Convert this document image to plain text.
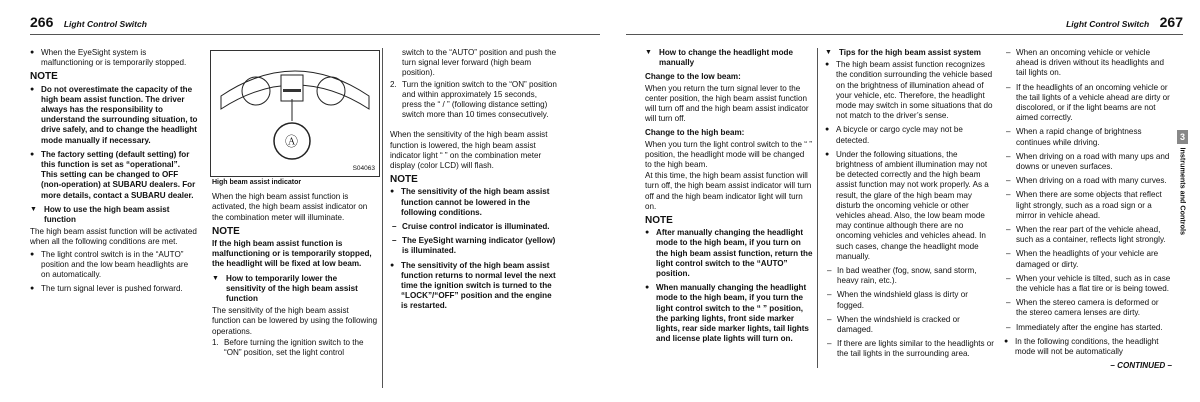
266 Light Control Switch

● When the EyeSight system is malfunctioning or is temporarily stopped.

NOTE

● Do not overestimate the capacity of the high beam assist function. The driver always has the responsibility to understand the surrounding situation, to drive safely, and to change the headlight mode manually if necessary.

● The factory setting (default setting) for this function is set as “operational”. This setting can be changed to OFF (non-operation) at SUBARU dealers. For more details, contact a SUBARU dealer.

▼ How to use the high beam assist function

The high beam assist function will be activated when all the following conditions are met.

● The light control switch is in the “AUTO” position and the low beam headlights are on automatically.

● The turn signal lever is pushed forward.

Ⓐ
S04063

High beam assist indicator

When the high beam assist function is activated, the high beam assist indicator on the combination meter will illuminate.

NOTE

If the high beam assist function is malfunctioning or is temporarily stopped, the headlight will be fixed at low beam.

▼ How to temporarily lower the sensitivity of the high beam assist function

The sensitivity of the high beam assist function can be lowered by using the following operations.

1. Before turning the ignition switch to the “ON” position, set the light control

switch to the “AUTO” position and push the turn signal lever forward (high beam position).

2. Turn the ignition switch to the “ON” position and within approximately 15 seconds, press the “ / ” (following distance setting) switch more than 10 times consecutively.

When the sensitivity of the high beam assist function is lowered, the high beam assist indicator light “ ” on the combination meter display (color LCD) will flash.

NOTE

● The sensitivity of the high beam assist function cannot be lowered in the following conditions.

– Cruise control indicator is illuminated.

– The EyeSight warning indicator (yellow) is illuminated.

● The sensitivity of the high beam assist function returns to normal level the next time the ignition switch is turned to the “LOCK”/“OFF” position and the engine is restarted.

Light Control Switch 267
▼ How to change the headlight mode manually
Change to the low beam:

When you return the turn signal lever to the center position, the high beam assist function will turn off and the high beam assist indicator will turn off.

Change to the high beam:

When you turn the light control switch to the “ ” position, the headlight mode will be changed to the high beam.

At this time, the high beam assist function will turn off, the high beam assist indicator will turn off and the high beam indicator light will turn on.

NOTE

● After manually changing the headlight mode to the high beam, if you turn on the high beam assist function, return the light control switch to the “AUTO” position.

● When manually changing the headlight mode to the high beam, if you turn the light control switch to the “ ” position, the parking lights, front side marker lights, rear side marker lights, tail lights and license plate lights will turn on.

▼ Tips for the high beam assist system

● The high beam assist function recognizes the condition surrounding the vehicle based on the brightness of illumination ahead of your vehicle, etc. Therefore, the headlight mode may switch in some situations that do not match to the driver’s sense.

● A bicycle or cargo cycle may not be detected.

● Under the following situations, the brightness of ambient illumination may not be detected correctly and the high beam assist function may not work properly. As a result, the glare of the high beam may disturb the oncoming vehicle or other vehicles ahead. Also, the low beam mode may continue although there are no oncoming vehicles and vehicles ahead. In such cases, change the headlight mode manually.

– In bad weather (fog, snow, sand storm, heavy rain, etc.).

– When the windshield glass is dirty or fogged.

– When the windshield is cracked or damaged.

– If there are lights similar to the headlights or the tail lights in the surrounding area.

– When an oncoming vehicle or vehicle ahead is driven without its headlights and tail lights on.

– If the headlights of an oncoming vehicle or the tail lights of a vehicle ahead are dirty or discolored, or if the light beams are not aimed correctly.

– When a rapid change of brightness continues while driving.

– When driving on a road with many ups and downs or uneven surfaces.

– When driving on a road with many curves.

– When there are some objects that reflect light strongly, such as a road sign or a mirror in vehicle ahead.

– When the rear part of the vehicle ahead, such as a container, reflects light strongly.

– When the headlights of your vehicle are damaged or dirty.

– When your vehicle is tilted, such as in case the vehicle has a flat tire or is being towed.

– When the stereo camera is deformed or the stereo camera lenses are dirty.

– Immediately after the engine has started.

● In the following conditions, the headlight mode will not be automatically

– CONTINUED –

3
Instruments and Controls
